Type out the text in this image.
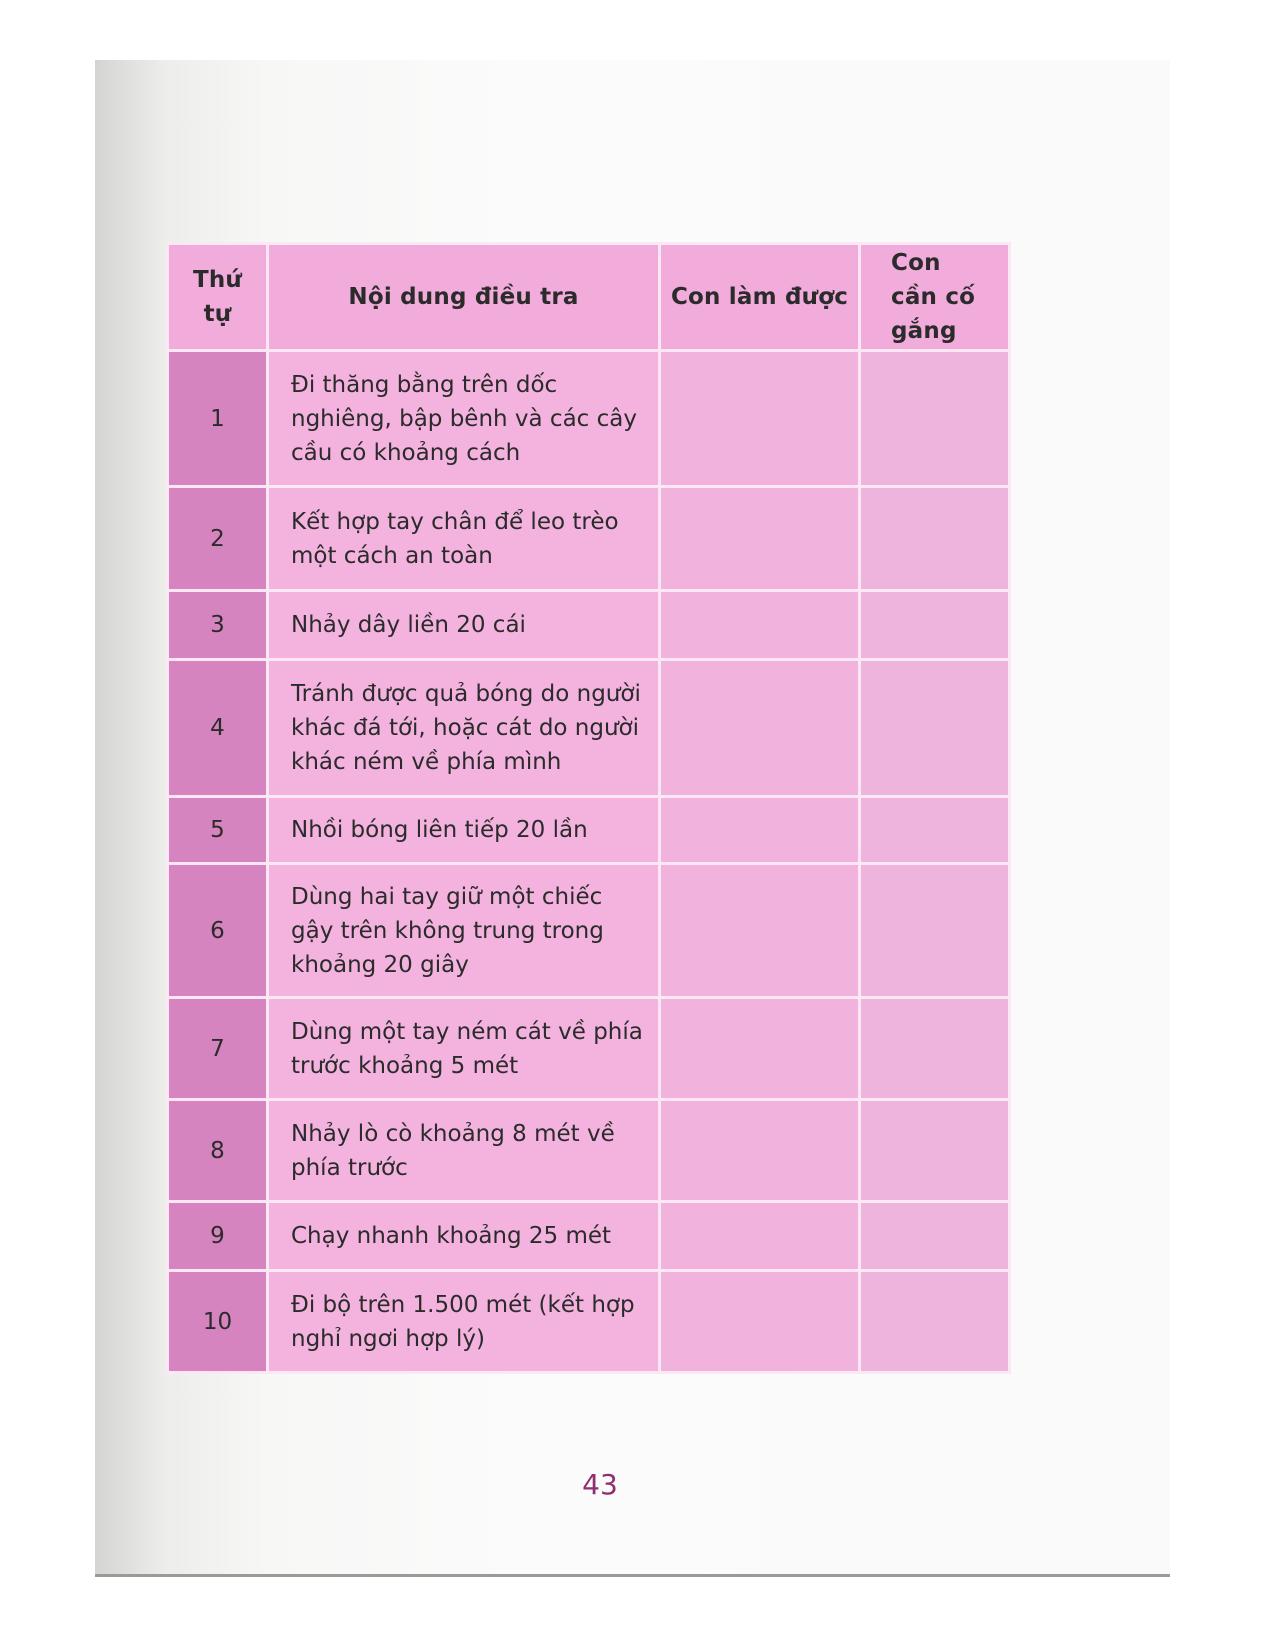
Thứ tự	Nội dung điều tra	Con làm được	Con cần cố gắng
1	Đi thăng bằng trên dốc nghiêng, bập bênh và các cây cầu có khoảng cách		
2	Kết hợp tay chân để leo trèo một cách an toàn		
3	Nhảy dây liền 20 cái		
4	Tránh được quả bóng do người khác đá tới, hoặc cát do người khác ném về phía mình		
5	Nhồi bóng liên tiếp 20 lần		
6	Dùng hai tay giữ một chiếc gậy trên không trung trong khoảng 20 giây		
7	Dùng một tay ném cát về phía trước khoảng 5 mét		
8	Nhảy lò cò khoảng 8 mét về phía trước		
9	Chạy nhanh khoảng 25 mét		
10	Đi bộ trên 1.500 mét (kết hợp nghỉ ngơi hợp lý)		
43
